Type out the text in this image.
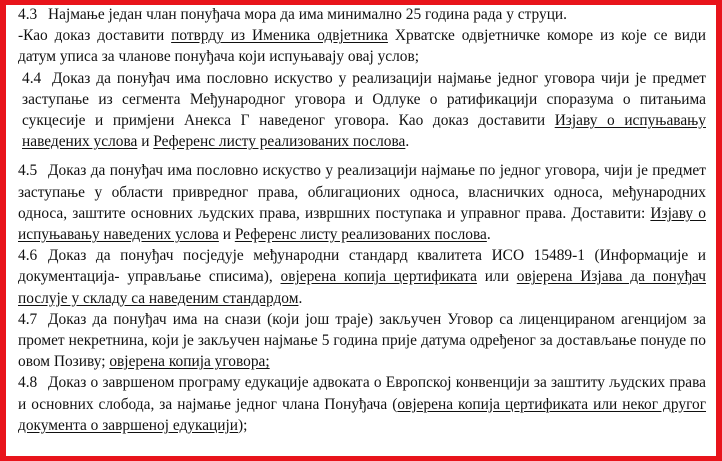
4.3 Најмање један члан понуђача мора да има минимално 25 година рада у струци.

-Као доказ доставити потврду из Именика одвјетника Хрватске одвјетничке коморе из које се види датум уписа за чланове понуђача који испуњавају овај услов;

4.4 Доказ да понуђач има пословно искуство у реализацији најмање једног уговора чији је предмет заступање из сегмента Међународног уговора и Одлуке о ратификацији споразума о питањима сукцесије и примјени Анекса Г наведеног уговора. Као доказ доставити Изјаву о испуњавању наведених услова и Референс листу реализованих послова.

4.5 Доказ да понуђач има пословно искуство у реализацији најмање по једног уговора, чији је предмет заступање у области привредног права, облигационих односа, власничких односа, међународних односа, заштите основних људских права, извршних поступака и управног права. Доставити: Изјаву о испуњавању наведених услова и Референс листу реализованих послова.

4.6 Доказ да понуђач посједује међународни стандард квалитета ИСО 15489-1 (Информације и документација- управљање списима), овјерена копија цертификата или овјерена Изјава да понуђач послује у складу са наведеним стандардом.

4.7 Доказ да понуђач има на снази (који још траје) закључен Уговор са лиценцираном агенцијом за промет некретнина, који је закључен најмање 5 година прије датума одређеног за достављање понуде по овом Позиву; овјерена копија уговора;

4.8 Доказ о завршеном програму едукације адвоката о Европској конвенцији за заштиту људских права и основних слобода, за најмање једног члана Понуђача (овјерена копија цертификата или неког другог документа о завршеној едукацији);
